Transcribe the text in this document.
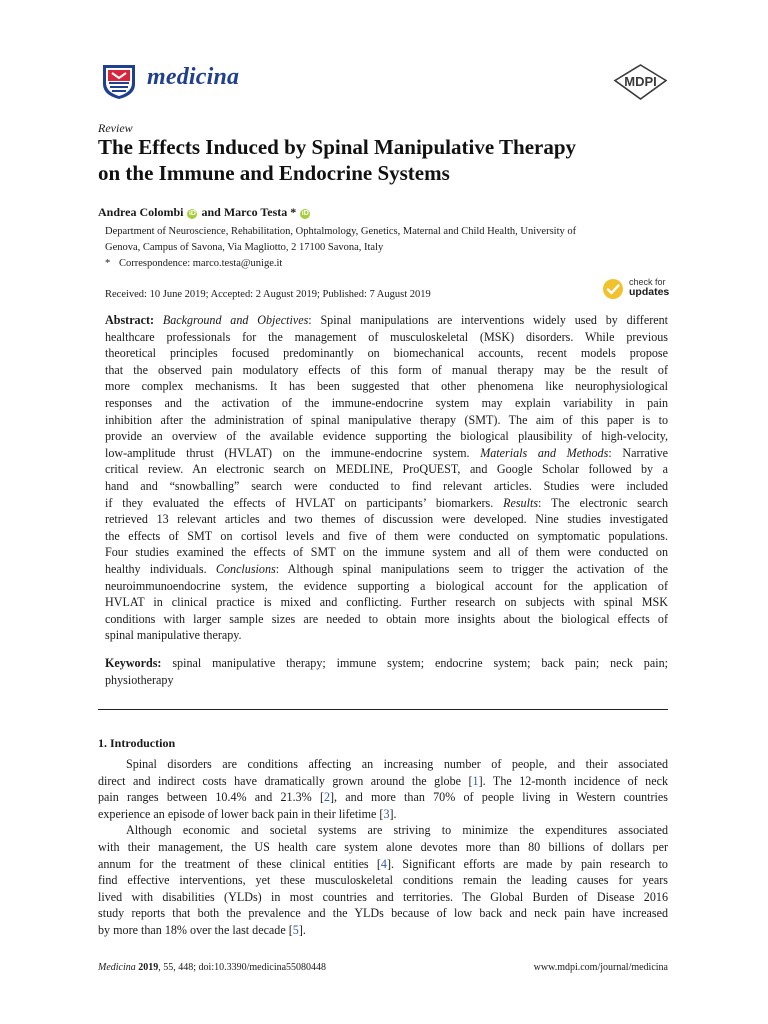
medicina	MDPI
Review
The Effects Induced by Spinal Manipulative Therapy
on the Immune and Endocrine Systems
Andrea Colombi iD and Marco Testa * iD
Department of Neuroscience, Rehabilitation, Ophtalmology, Genetics, Maternal and Child Health, University of
Genova, Campus of Savona, Via Magliotto, 2 17100 Savona, Italy
* Correspondence: marco.testa@unige.it
Received: 10 June 2019; Accepted: 2 August 2019; Published: 7 August 2019
check for
updates
Abstract: Background and Objectives: Spinal manipulations are interventions widely used by different
healthcare professionals for the management of musculoskeletal (MSK) disorders. While previous
theoretical principles focused predominantly on biomechanical accounts, recent models propose
that the observed pain modulatory effects of this form of manual therapy may be the result of
more complex mechanisms. It has been suggested that other phenomena like neurophysiological
responses and the activation of the immune-endocrine system may explain variability in pain
inhibition after the administration of spinal manipulative therapy (SMT). The aim of this paper is to
provide an overview of the available evidence supporting the biological plausibility of high-velocity,
low-amplitude thrust (HVLAT) on the immune-endocrine system. Materials and Methods: Narrative
critical review. An electronic search on MEDLINE, ProQUEST, and Google Scholar followed by a
hand and “snowballing” search were conducted to find relevant articles. Studies were included
if they evaluated the effects of HVLAT on participants’ biomarkers. Results: The electronic search
retrieved 13 relevant articles and two themes of discussion were developed. Nine studies investigated
the effects of SMT on cortisol levels and five of them were conducted on symptomatic populations.
Four studies examined the effects of SMT on the immune system and all of them were conducted on
healthy individuals. Conclusions: Although spinal manipulations seem to trigger the activation of the
neuroimmunoendocrine system, the evidence supporting a biological account for the application of
HVLAT in clinical practice is mixed and conflicting. Further research on subjects with spinal MSK
conditions with larger sample sizes are needed to obtain more insights about the biological effects of
spinal manipulative therapy.
Keywords: spinal manipulative therapy; immune system; endocrine system; back pain; neck pain;
physiotherapy
1. Introduction
Spinal disorders are conditions affecting an increasing number of people, and their associated
direct and indirect costs have dramatically grown around the globe [1]. The 12-month incidence of neck
pain ranges between 10.4% and 21.3% [2], and more than 70% of people living in Western countries
experience an episode of lower back pain in their lifetime [3].
Although economic and societal systems are striving to minimize the expenditures associated
with their management, the US health care system alone devotes more than 80 billions of dollars per
annum for the treatment of these clinical entities [4]. Significant efforts are made by pain research to
find effective interventions, yet these musculoskeletal conditions remain the leading causes for years
lived with disabilities (YLDs) in most countries and territories. The Global Burden of Disease 2016
study reports that both the prevalence and the YLDs because of low back and neck pain have increased
by more than 18% over the last decade [5].
Medicina 2019, 55, 448; doi:10.3390/medicina55080448	www.mdpi.com/journal/medicina
